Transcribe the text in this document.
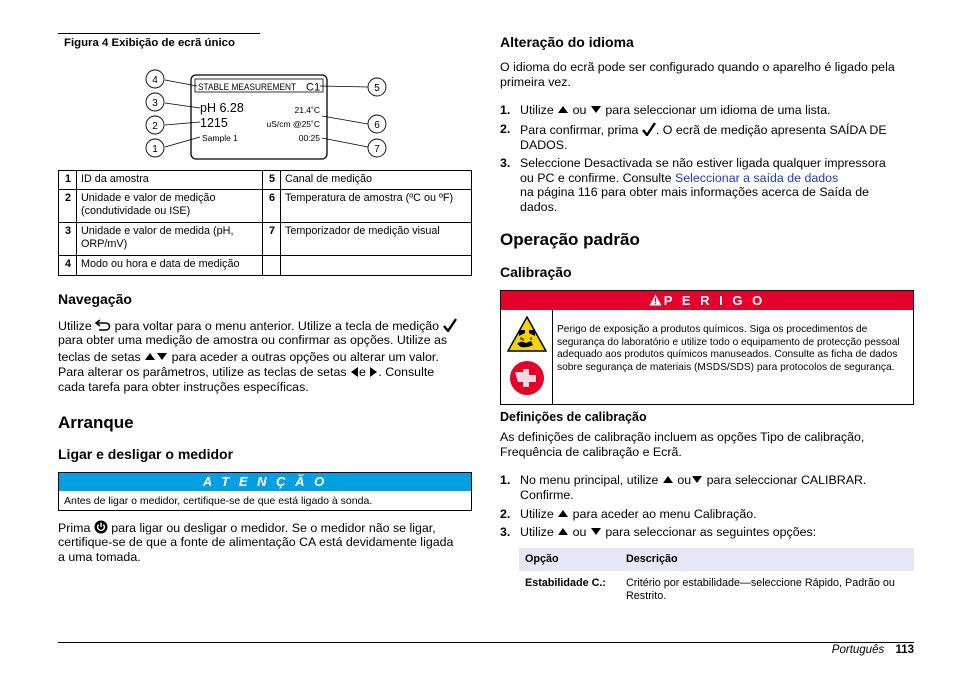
Figura 4 Exibição de ecrã único
4
3
2
1
5
6
7
STABLE MEASUREMENT C1
pH 6.28	21.4˚C
1215	uS/cm @25˚C
Sample 1	00:25
1	ID da amostra	5	Canal de medição
2	Unidade e valor de medição (condutividade ou ISE)	6	Temperatura de amostra (ºC ou ºF)
3	Unidade e valor de medida (pH, ORP/mV)	7	Temporizador de medição visual
4	Modo ou hora e data de medição		
Navegação
Utilize para voltar para o menu anterior. Utilize a tecla de medição
para obter uma medição de amostra ou confirmar as opções. Utilize as
teclas de setas para aceder a outras opções ou alterar um valor.
Para alterar os parâmetros, utilize as teclas de setas e . Consulte
cada tarefa para obter instruções específicas.
Arranque
Ligar e desligar o medidor
A T E N Ç Ã O
Antes de ligar o medidor, certifique-se de que está ligado à sonda.
Prima para ligar ou desligar o medidor. Se o medidor não se ligar,
certifique-se de que a fonte de alimentação CA está devidamente ligada
a uma tomada.
Alteração do idioma
O idioma do ecrã pode ser configurado quando o aparelho é ligado pela
primeira vez.
1. Utilize ou para seleccionar um idioma de uma lista.
2. Para confirmar, prima . O ecrã de medição apresenta SAÍDA DE
DADOS.
3. Seleccione Desactivada se não estiver ligada qualquer impressora
ou PC e confirme. Consulte Seleccionar a saída de dados
na página 116 para obter mais informações acerca de Saída de
dados.
Operação padrão
Calibração
P E R I G O
Perigo de exposição a produtos químicos. Siga os procedimentos de segurança do laboratório e utilize todo o equipamento de protecção pessoal adequado aos produtos químicos manuseados. Consulte as ficha de dados sobre segurança de materiais (MSDS/SDS) para protocolos de segurança.
Definições de calibração
As definições de calibração incluem as opções Tipo de calibração,
Frequência de calibração e Ecrã.
1. No menu principal, utilize ou para seleccionar CALIBRAR.
Confirme.
2. Utilize para aceder ao menu Calibração.
3. Utilize ou para seleccionar as seguintes opções:
Opção	Descrição
Estabilidade C.:	Critério por estabilidade—seleccione Rápido, Padrão ou Restrito.
Português 113
